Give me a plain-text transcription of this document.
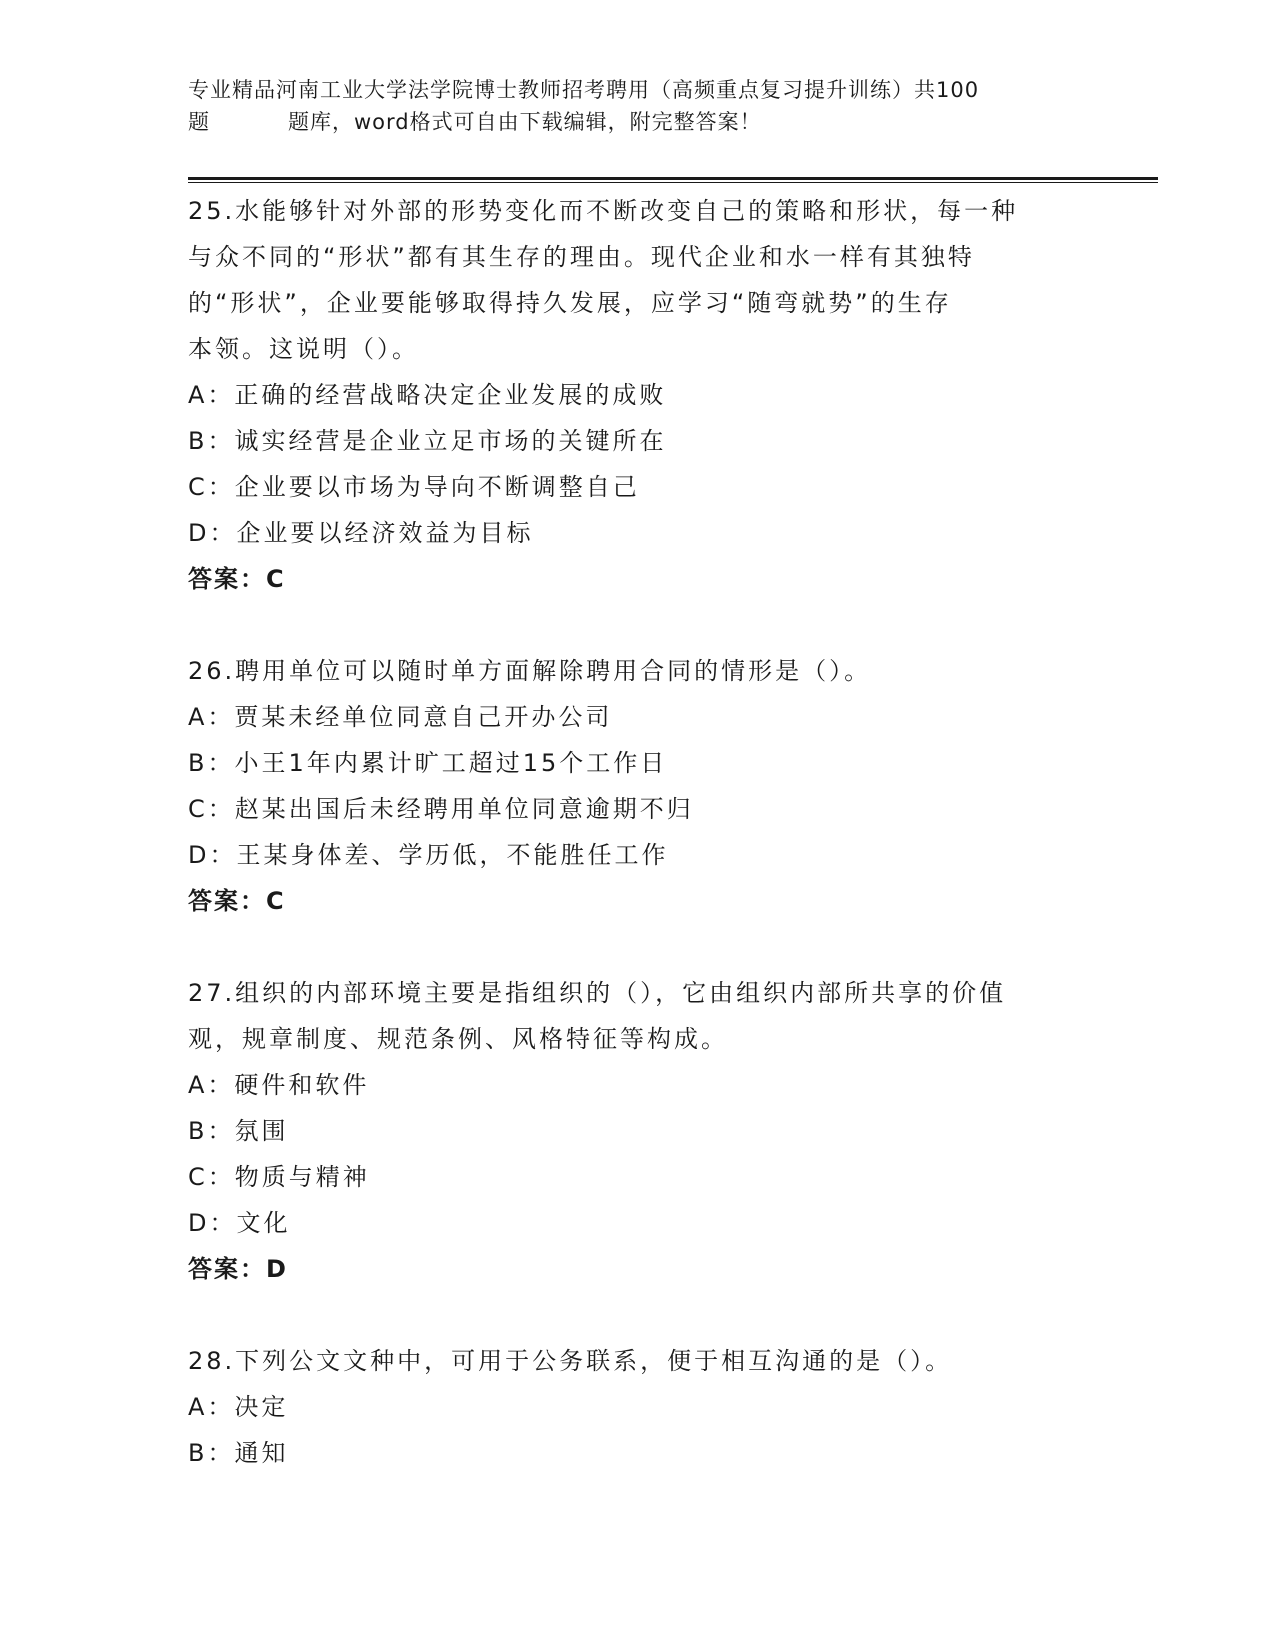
专业精品河南工业大学法学院博士教师招考聘用（高频重点复习提升训练）共100
题	题库，word格式可自由下载编辑，附完整答案！
25.水能够针对外部的形势变化而不断改变自己的策略和形状，每一种
与众不同的“形状”都有其生存的理由。现代企业和水一样有其独特
的“形状”，企业要能够取得持久发展，应学习“随弯就势”的生存
本领。这说明（）。
A：正确的经营战略决定企业发展的成败
B：诚实经营是企业立足市场的关键所在
C：企业要以市场为导向不断调整自己
D：企业要以经济效益为目标
答案：C
26.聘用单位可以随时单方面解除聘用合同的情形是（）。
A：贾某未经单位同意自己开办公司
B：小王1年内累计旷工超过15个工作日
C：赵某出国后未经聘用单位同意逾期不归
D：王某身体差、学历低，不能胜任工作
答案：C
27.组织的内部环境主要是指组织的（），它由组织内部所共享的价值
观，规章制度、规范条例、风格特征等构成。
A：硬件和软件
B：氛围
C：物质与精神
D：文化
答案：D
28.下列公文文种中，可用于公务联系，便于相互沟通的是（）。
A：决定
B：通知
